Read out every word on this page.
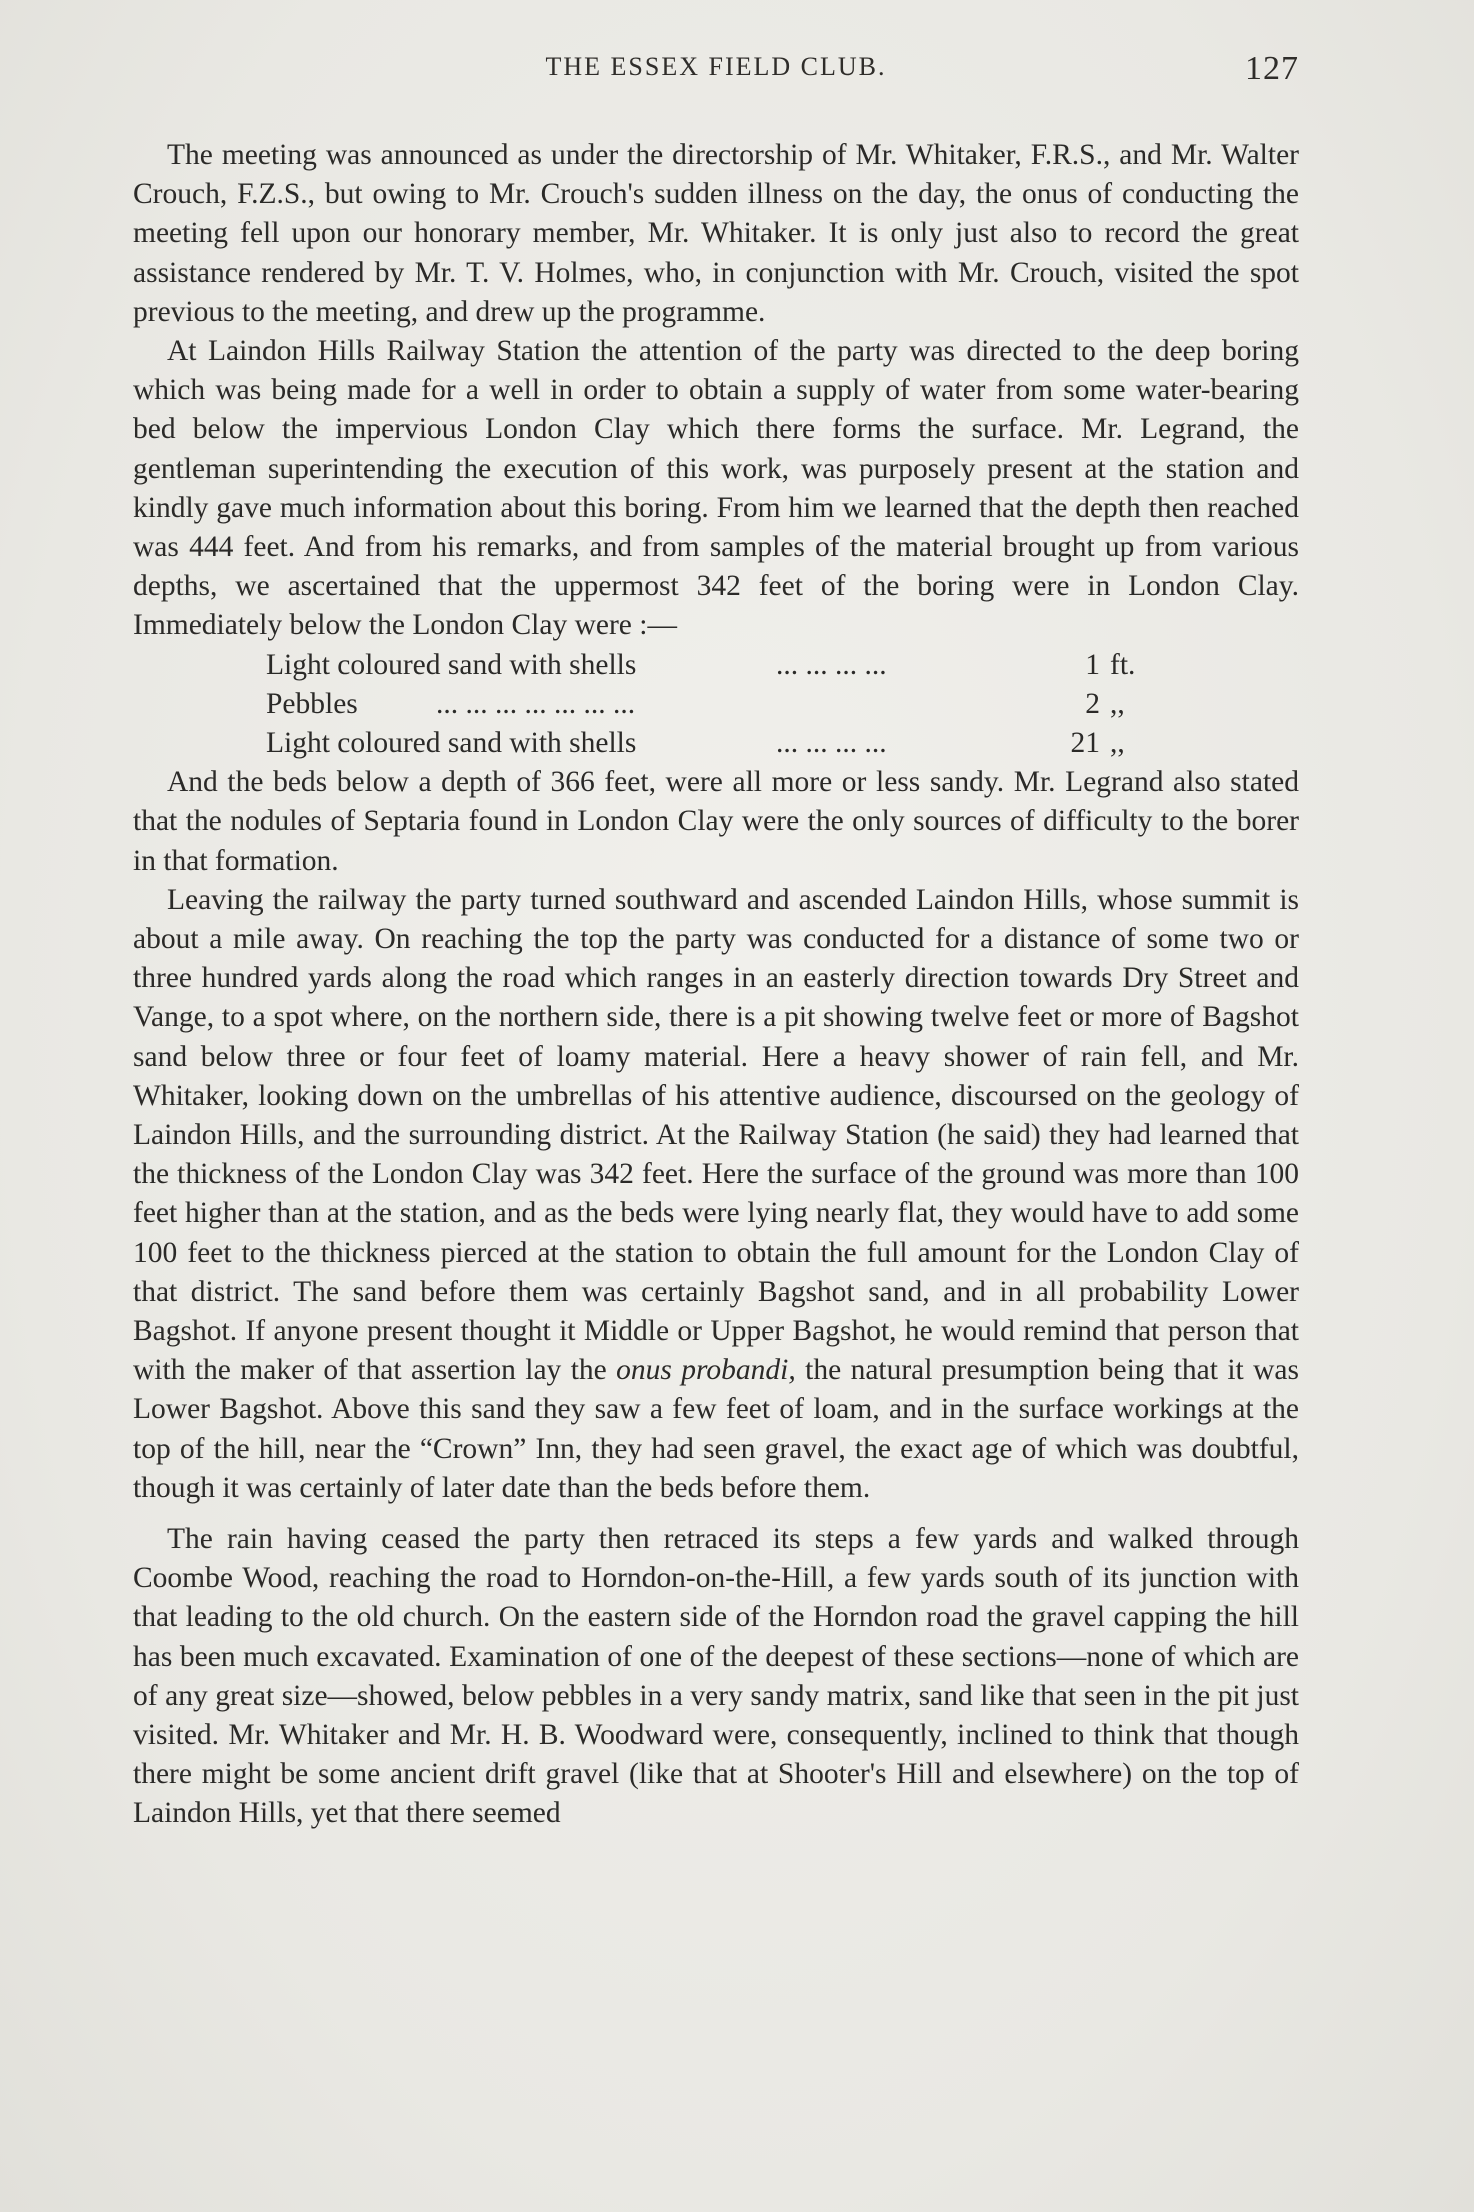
THE ESSEX FIELD CLUB.	127

The meeting was announced as under the directorship of Mr. Whitaker, F.R.S., and Mr. Walter Crouch, F.Z.S., but owing to Mr. Crouch's sudden illness on the day, the onus of conducting the meeting fell upon our honorary member, Mr. Whitaker. It is only just also to record the great assistance rendered by Mr. T. V. Holmes, who, in conjunction with Mr. Crouch, visited the spot previous to the meeting, and drew up the programme.

At Laindon Hills Railway Station the attention of the party was directed to the deep boring which was being made for a well in order to obtain a supply of water from some water-bearing bed below the impervious London Clay which there forms the surface. Mr. Legrand, the gentleman superintending the execution of this work, was purposely present at the station and kindly gave much information about this boring. From him we learned that the depth then reached was 444 feet. And from his remarks, and from samples of the material brought up from various depths, we ascertained that the uppermost 342 feet of the boring were in London Clay. Immediately below the London Clay were :—

Light coloured sand with shells	... ... ... ...	1 ft.
Pebbles	... ... ... ... ... ... ...	2 ,,
Light coloured sand with shells	... ... ... ...	21 ,,

And the beds below a depth of 366 feet, were all more or less sandy. Mr. Legrand also stated that the nodules of Septaria found in London Clay were the only sources of difficulty to the borer in that formation.

Leaving the railway the party turned southward and ascended Laindon Hills, whose summit is about a mile away. On reaching the top the party was conducted for a distance of some two or three hundred yards along the road which ranges in an easterly direction towards Dry Street and Vange, to a spot where, on the northern side, there is a pit showing twelve feet or more of Bagshot sand below three or four feet of loamy material. Here a heavy shower of rain fell, and Mr. Whitaker, looking down on the umbrellas of his attentive audience, discoursed on the geology of Laindon Hills, and the surrounding district. At the Railway Station (he said) they had learned that the thickness of the London Clay was 342 feet. Here the surface of the ground was more than 100 feet higher than at the station, and as the beds were lying nearly flat, they would have to add some 100 feet to the thickness pierced at the station to obtain the full amount for the London Clay of that district. The sand before them was certainly Bagshot sand, and in all probability Lower Bagshot. If anyone present thought it Middle or Upper Bagshot, he would remind that person that with the maker of that assertion lay the onus probandi, the natural presumption being that it was Lower Bagshot. Above this sand they saw a few feet of loam, and in the surface workings at the top of the hill, near the “Crown” Inn, they had seen gravel, the exact age of which was doubtful, though it was certainly of later date than the beds before them.

The rain having ceased the party then retraced its steps a few yards and walked through Coombe Wood, reaching the road to Horndon-on-the-Hill, a few yards south of its junction with that leading to the old church. On the eastern side of the Horndon road the gravel capping the hill has been much excavated. Examination of one of the deepest of these sections—none of which are of any great size—showed, below pebbles in a very sandy matrix, sand like that seen in the pit just visited. Mr. Whitaker and Mr. H. B. Woodward were, consequently, inclined to think that though there might be some ancient drift gravel (like that at Shooter's Hill and elsewhere) on the top of Laindon Hills, yet that there seemed
